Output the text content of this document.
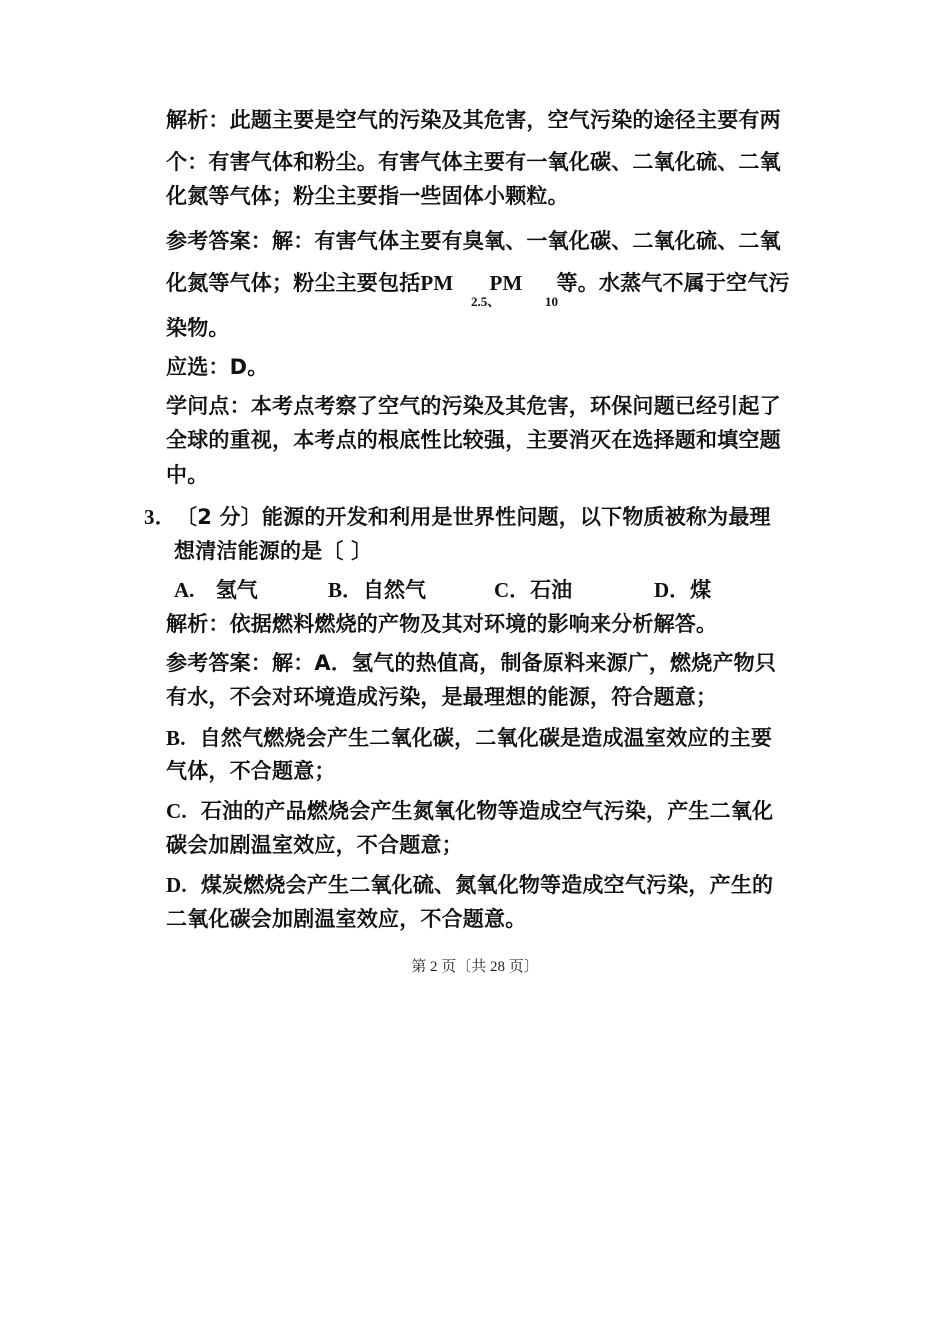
解析：此题主要是空气的污染及其危害，空气污染的途径主要有两
个：有害气体和粉尘。有害气体主要有一氧化碳、二氧化硫、二氧
化氮等气体；粉尘主要指一些固体小颗粒。
参考答案：解：有害气体主要有臭氧、一氧化碳、二氧化硫、二氧
化氮等气体；粉尘主要包括PM PM 等。水蒸气不属于空气污
2.5、	10
染物。
应选：D。
学问点：本考点考察了空气的污染及其危害，环保问题已经引起了
全球的重视，本考点的根底性比较强，主要消灭在选择题和填空题
中。
3． 〔2 分〕能源的开发和利用是世界性问题，以下物质被称为最理
想清洁能源的是〔 〕
A. 氢气	B．自然气	C．石油	D．煤
解析：依据燃料燃烧的产物及其对环境的影响来分析解答。
参考答案：解：A．氢气的热值高，制备原料来源广，燃烧产物只
有水，不会对环境造成污染，是最理想的能源，符合题意；
B. 自然气燃烧会产生二氧化碳，二氧化碳是造成温室效应的主要
气体，不合题意；
C. 石油的产品燃烧会产生氮氧化物等造成空气污染，产生二氧化
碳会加剧温室效应，不合题意；
D. 煤炭燃烧会产生二氧化硫、氮氧化物等造成空气污染，产生的
二氧化碳会加剧温室效应，不合题意。
第 2 页〔共 28 页〕
